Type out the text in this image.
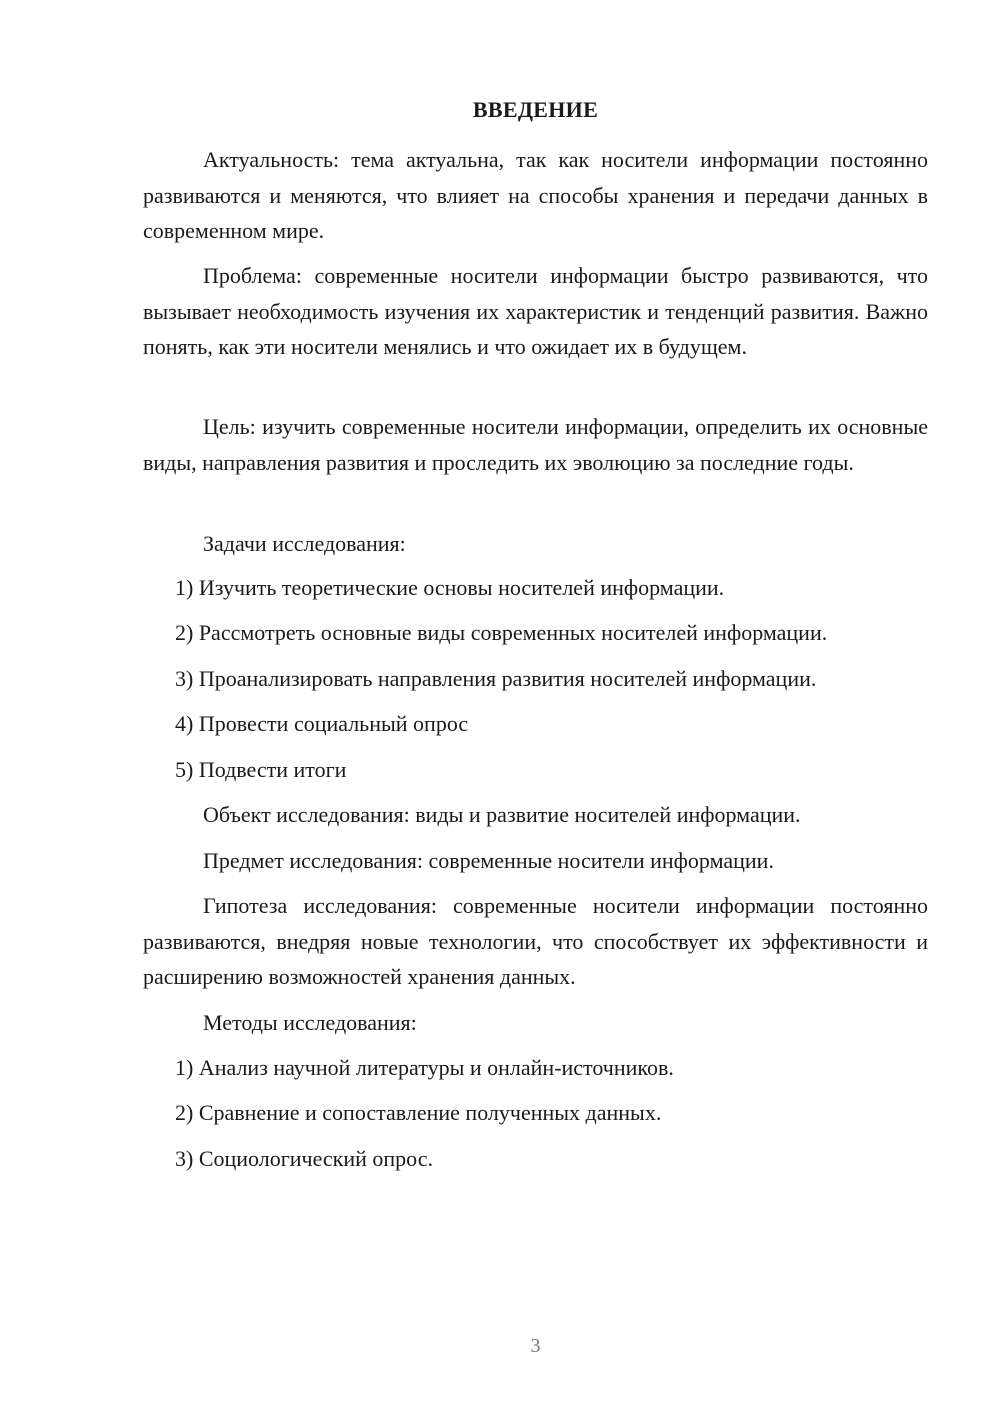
ВВЕДЕНИЕ

Актуальность: тема актуальна, так как носители информации постоянно развиваются и меняются, что влияет на способы хранения и передачи данных в современном мире.

Проблема: современные носители информации быстро развиваются, что вызывает необходимость изучения их характеристик и тенденций развития. Важно понять, как эти носители менялись и что ожидает их в будущем.

Цель: изучить современные носители информации, определить их основные виды, направления развития и проследить их эволюцию за последние годы.

Задачи исследования:

1) Изучить теоретические основы носителей информации.

2) Рассмотреть основные виды современных носителей информации.

3) Проанализировать направления развития носителей информации.

4) Провести социальный опрос

5) Подвести итоги

Объект исследования: виды и развитие носителей информации.

Предмет исследования: современные носители информации.

Гипотеза исследования: современные носители информации постоянно развиваются, внедряя новые технологии, что способствует их эффективности и расширению возможностей хранения данных.

Методы исследования:

1) Анализ научной литературы и онлайн-источников.

2) Сравнение и сопоставление полученных данных.

3) Социологический опрос.

3
